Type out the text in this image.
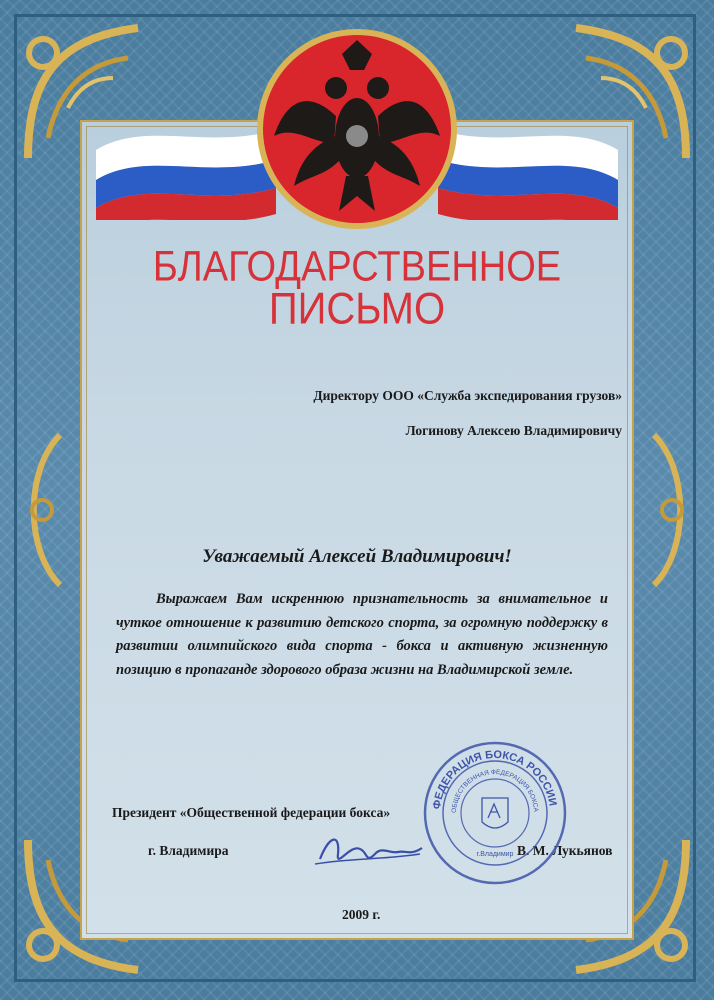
БЛАГОДАРСТВЕННОЕ
ПИСЬМО
Директору ООО «Служба экспедирования грузов»
Логинову Алексею Владимировичу
Уважаемый Алексей Владимирович!
Выражаем Вам искреннюю признательность за внимательное и чуткое отношение к развитию детского спорта, за огромную поддержку в развитии олимпийского вида спорта - бокса и активную жизненную позицию в пропаганде здорового образа жизни на Владимирской земле.
Президент «Общественной федерации бокса»
г. Владимира	В. М. Лукьянов
2009 г.
ФЕДЕРАЦИЯ БОКСА РОССИИ
ОБЩЕСТВЕННАЯ ФЕДЕРАЦИЯ БОКСА
г.Владимир
